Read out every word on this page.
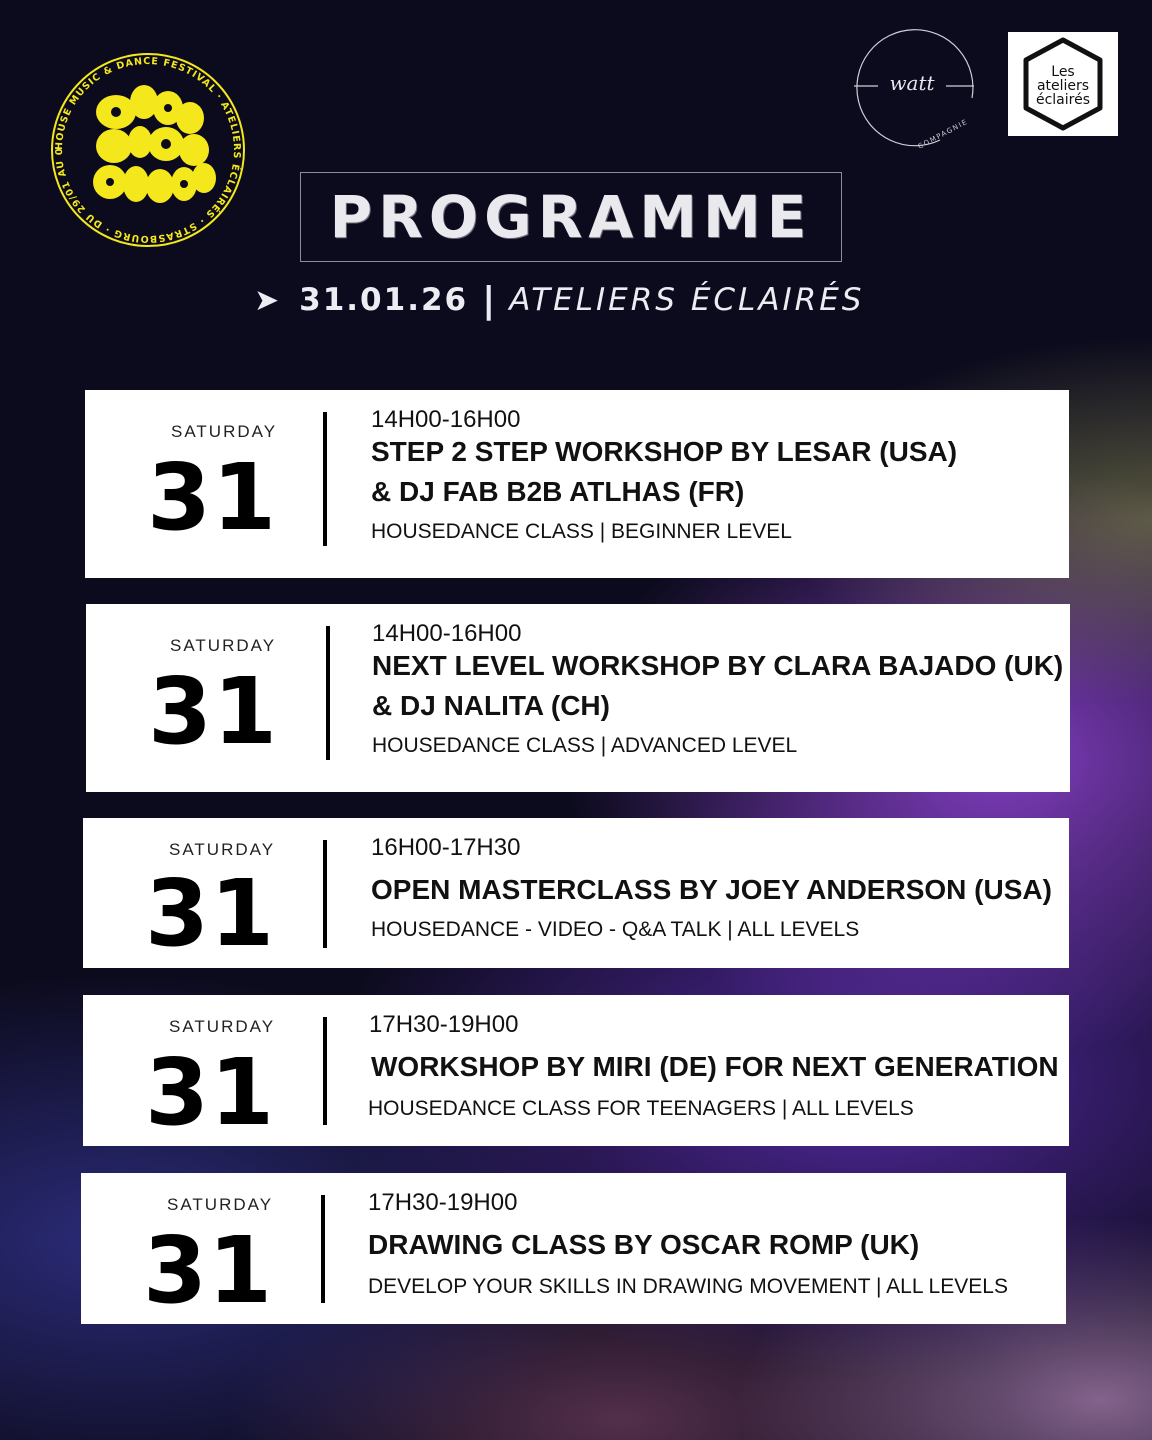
HOUSE MUSIC & DANCE FESTIVAL · ATELIERS ÉCLAIRÉS · STRASBOURG · DU 29/01 AU 0
watt
COMPAGNIE
Les
ateliers
éclairés
PROGRAMME
➤ 31.01.26 | ATELIERS ÉCLAIRÉS
SATURDAY
31
14H00-16H00
STEP 2 STEP WORKSHOP BY LESAR (USA)
& DJ FAB B2B ATLHAS (FR)
HOUSEDANCE CLASS | BEGINNER LEVEL
SATURDAY
31
14H00-16H00
NEXT LEVEL WORKSHOP BY CLARA BAJADO (UK)
& DJ NALITA (CH)
HOUSEDANCE CLASS | ADVANCED LEVEL
SATURDAY
31
16H00-17H30
OPEN MASTERCLASS BY JOEY ANDERSON (USA)
HOUSEDANCE - VIDEO - Q&A TALK | ALL LEVELS
SATURDAY
31
17H30-19H00
WORKSHOP BY MIRI (DE) FOR NEXT GENERATION
HOUSEDANCE CLASS FOR TEENAGERS | ALL LEVELS
SATURDAY
31
17H30-19H00
DRAWING CLASS BY OSCAR ROMP (UK)
DEVELOP YOUR SKILLS IN DRAWING MOVEMENT | ALL LEVELS
